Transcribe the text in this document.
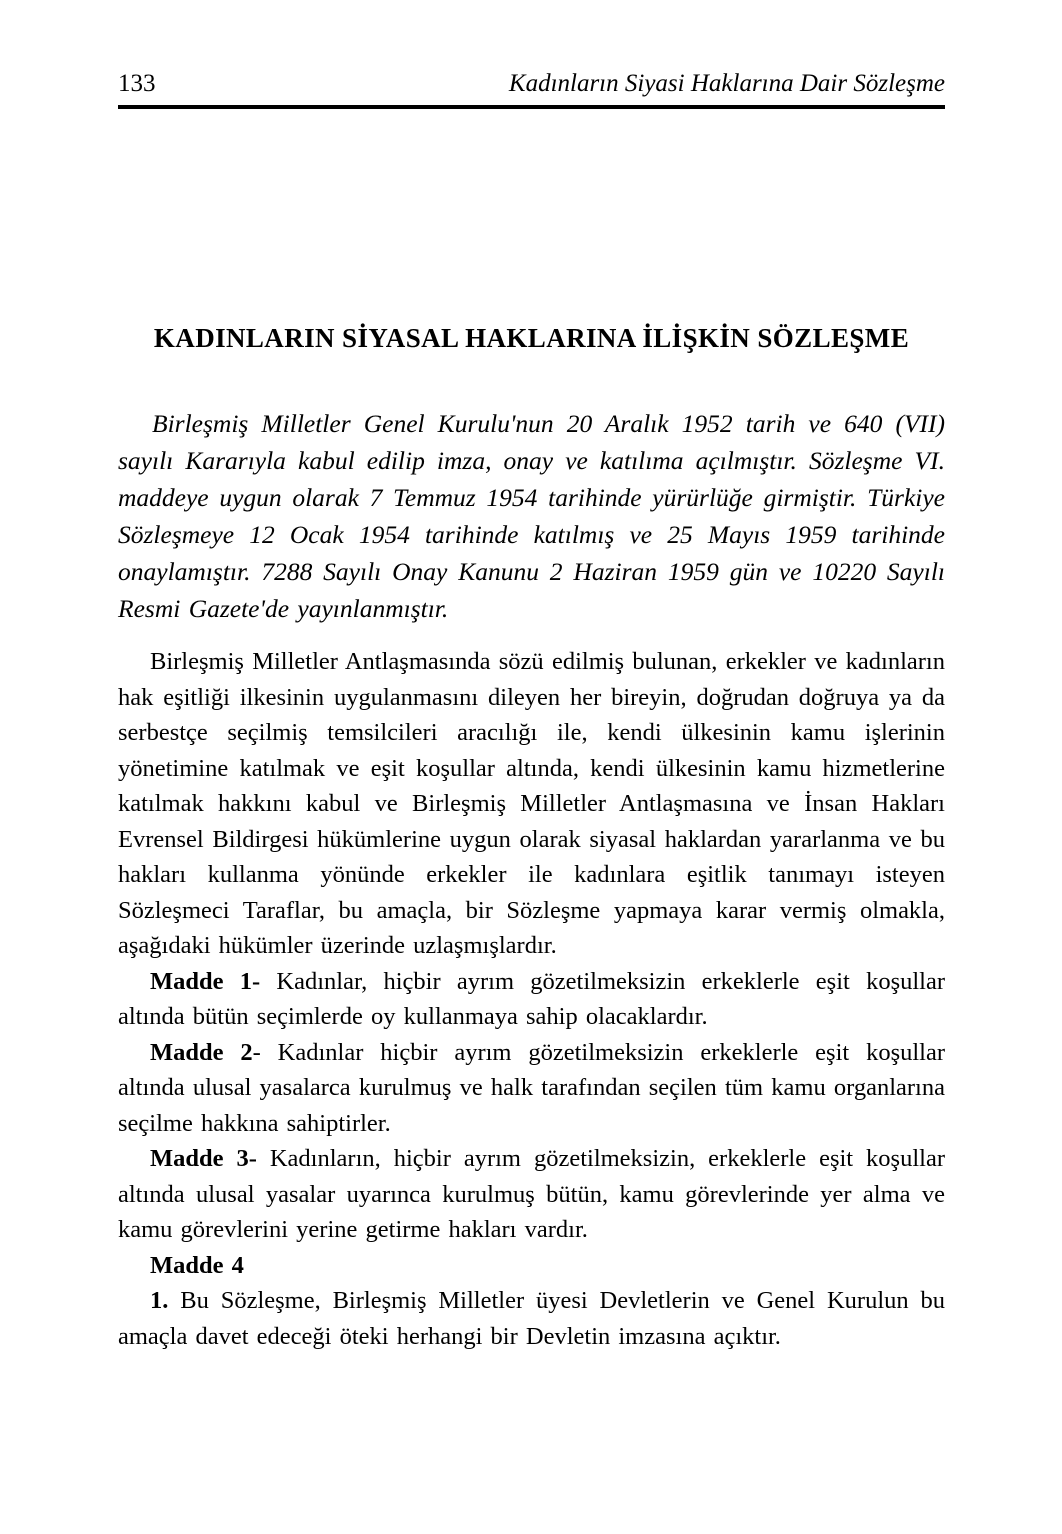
133	Kadınların Siyasi Haklarına Dair Sözleşme
KADINLARIN SİYASAL HAKLARINA İLİŞKİN SÖZLEŞME

Birleşmiş Milletler Genel Kurulu'nun 20 Aralık 1952 tarih ve 640 (VII) sayılı Kararıyla kabul edilip imza, onay ve katılıma açılmıştır. Sözleşme VI. maddeye uygun olarak 7 Temmuz 1954 tarihinde yürürlüğe girmiştir. Türkiye Sözleşmeye 12 Ocak 1954 tarihinde katılmış ve 25 Mayıs 1959 tarihinde onaylamıştır. 7288 Sayılı Onay Kanunu 2 Haziran 1959 gün ve 10220 Sayılı Resmi Gazete'de yayınlanmıştır.

Birleşmiş Milletler Antlaşmasında sözü edilmiş bulunan, erkekler ve kadınların hak eşitliği ilkesinin uygulanmasını dileyen her bireyin, doğrudan doğruya ya da serbestçe seçilmiş temsilcileri aracılığı ile, kendi ülkesinin kamu işlerinin yönetimine katılmak ve eşit koşullar altında, kendi ülkesinin kamu hizmetlerine katılmak hakkını kabul ve Birleşmiş Milletler Antlaşmasına ve İnsan Hakları Evrensel Bildirgesi hükümlerine uygun olarak siyasal haklardan yararlanma ve bu hakları kullanma yönünde erkekler ile kadınlara eşitlik tanımayı isteyen Sözleşmeci Taraflar, bu amaçla, bir Sözleşme yapmaya karar vermiş olmakla, aşağıdaki hükümler üzerinde uzlaşmışlardır.

Madde 1- Kadınlar, hiçbir ayrım gözetilmeksizin erkeklerle eşit koşullar altında bütün seçimlerde oy kullanmaya sahip olacaklardır.

Madde 2- Kadınlar hiçbir ayrım gözetilmeksizin erkeklerle eşit koşullar altında ulusal yasalarca kurulmuş ve halk tarafından seçilen tüm kamu organlarına seçilme hakkına sahiptirler.

Madde 3- Kadınların, hiçbir ayrım gözetilmeksizin, erkeklerle eşit koşullar altında ulusal yasalar uyarınca kurulmuş bütün, kamu görevlerinde yer alma ve kamu görevlerini yerine getirme hakları vardır.

Madde 4

1. Bu Sözleşme, Birleşmiş Milletler üyesi Devletlerin ve Genel Kurulun bu amaçla davet edeceği öteki herhangi bir Devletin imzasına açıktır.
